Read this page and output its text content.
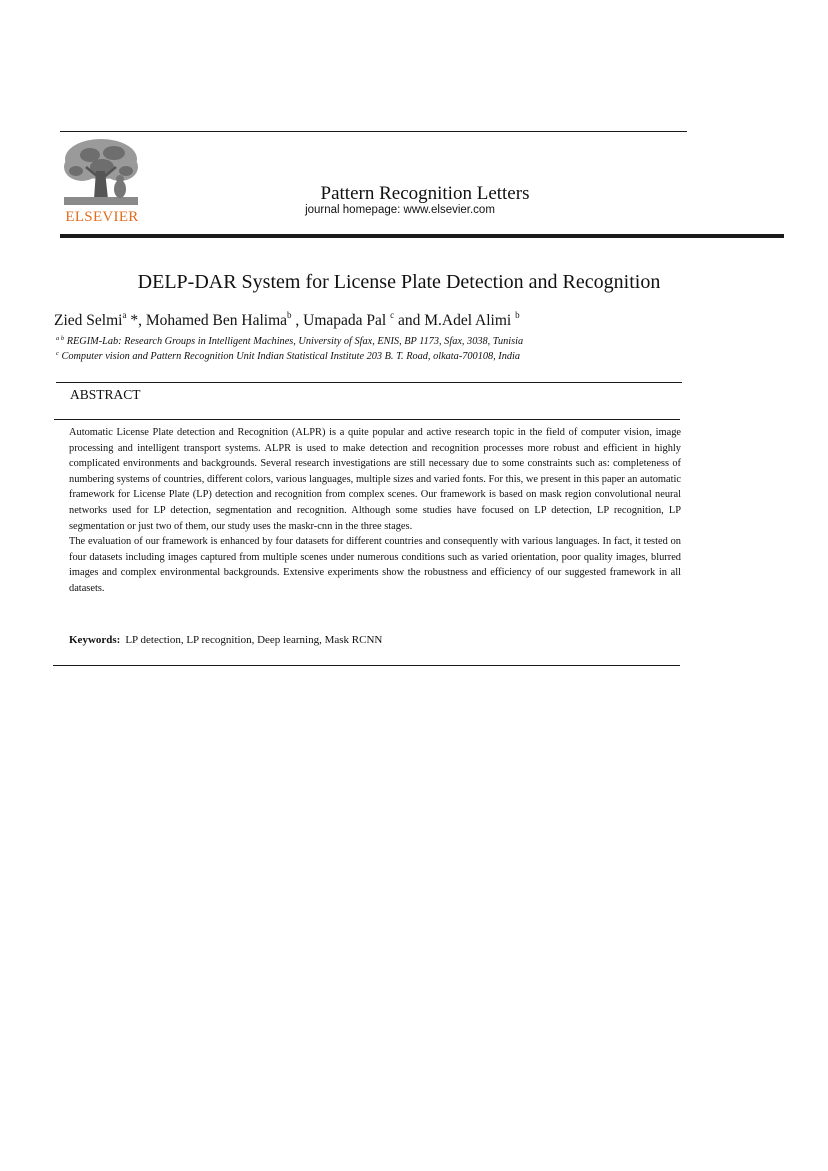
ELSEVIER
Pattern Recognition Letters
journal homepage: www.elsevier.com
DELP-DAR System for License Plate Detection and Recognition
Zied Selmi$^a$ *, Mohamed Ben Halima$^b$ , Umapada Pal $^c$ and M.Adel Alimi $^b$
$^{a b}$ REGIM-Lab: Research Groups in Intelligent Machines, University of Sfax, ENIS, BP 1173, Sfax, 3038, Tunisia
$^c$ Computer vision and Pattern Recognition Unit Indian Statistical Institute 203 B. T. Road, olkata-700108, India
ABSTRACT

Automatic License Plate detection and Recognition (ALPR) is a quite popular and active research topic in the field of computer vision, image processing and intelligent transport systems. ALPR is used to make detection and recognition processes more robust and efficient in highly complicated environments and backgrounds. Several research investigations are still necessary due to some constraints such as: completeness of numbering systems of countries, different colors, various languages, multiple sizes and varied fonts. For this, we present in this paper an automatic framework for License Plate (LP) detection and recognition from complex scenes. Our framework is based on mask region convolutional neural networks used for LP detection, segmentation and recognition. Although some studies have focused on LP detection, LP recognition, LP segmentation or just two of them, our study uses the maskr-cnn in the three stages.

The evaluation of our framework is enhanced by four datasets for different countries and consequently with various languages. In fact, it tested on four datasets including images captured from multiple scenes under numerous conditions such as varied orientation, poor quality images, blurred images and complex environmental backgrounds. Extensive experiments show the robustness and efficiency of our suggested framework in all datasets.

Keywords: LP detection, LP recognition, Deep learning, Mask RCNN
